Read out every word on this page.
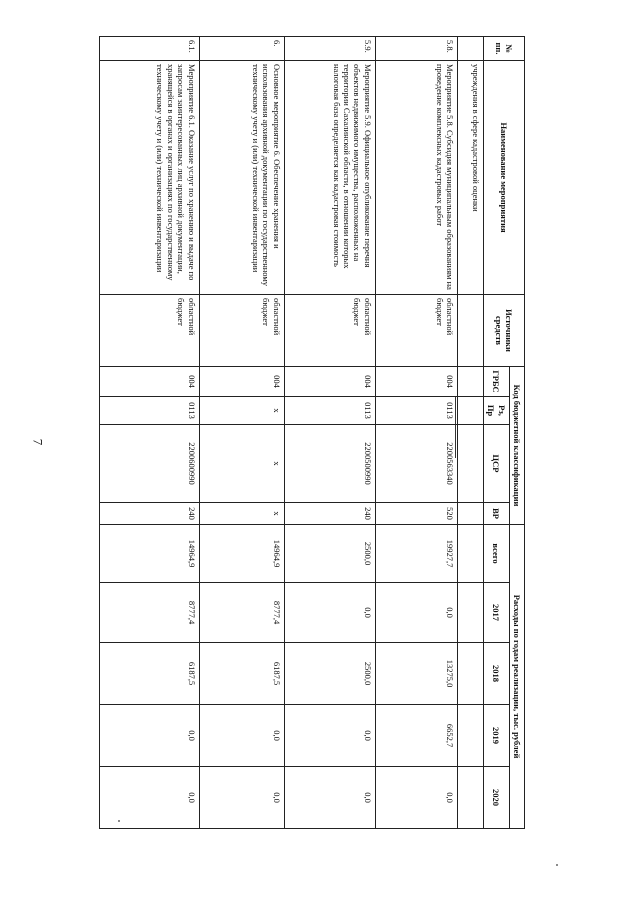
7
№ пп.	Наименование мероприятия	Источники средств	Код бюджетной классификации				Расходы по годам реализации, тыс. рублей				
			ГРБС	Рз, Пр	ЦСР	ВР	всего	2017	2018	2019	2020
	учреждения в сфере кадастровой оценки										
5.8.	Мероприятие 5.8. Субсидия муниципальным образованиям на проведение комплексных кадастровых работ	областной бюджет	004	0113	2200563340	520	19927,7	0,0	13275,0	6652,7	0,0
5.9.	Мероприятие 5.9. Официальное опубликование перечня объектов недвижимого имущества, расположенных на территории Сахалинской области, в отношении которых налоговая база определяется как кадастровая стоимость	областной бюджет	004	0113	2200500990	240	2500,0	0,0	2500,0	0,0	0,0
6.	Основное мероприятие 6. Обеспечение хранения и использования архивной документации по государственному техническому учету и (или) технической инвентаризации	областной бюджет	004	х	х	х	14964,9	8777,4	6187,5	0,0	0,0
6.1.	Мероприятие 6.1. Оказание услуг по хранению и выдаче по запросам заинтересованных лиц архивной документации, хранящейся в органах и организациях по государственному техническому учету и (или) технической инвентаризации	областной бюджет	004	0113	2200600990	240	14964,9	8777,4	6187,5	0,0	0,0
